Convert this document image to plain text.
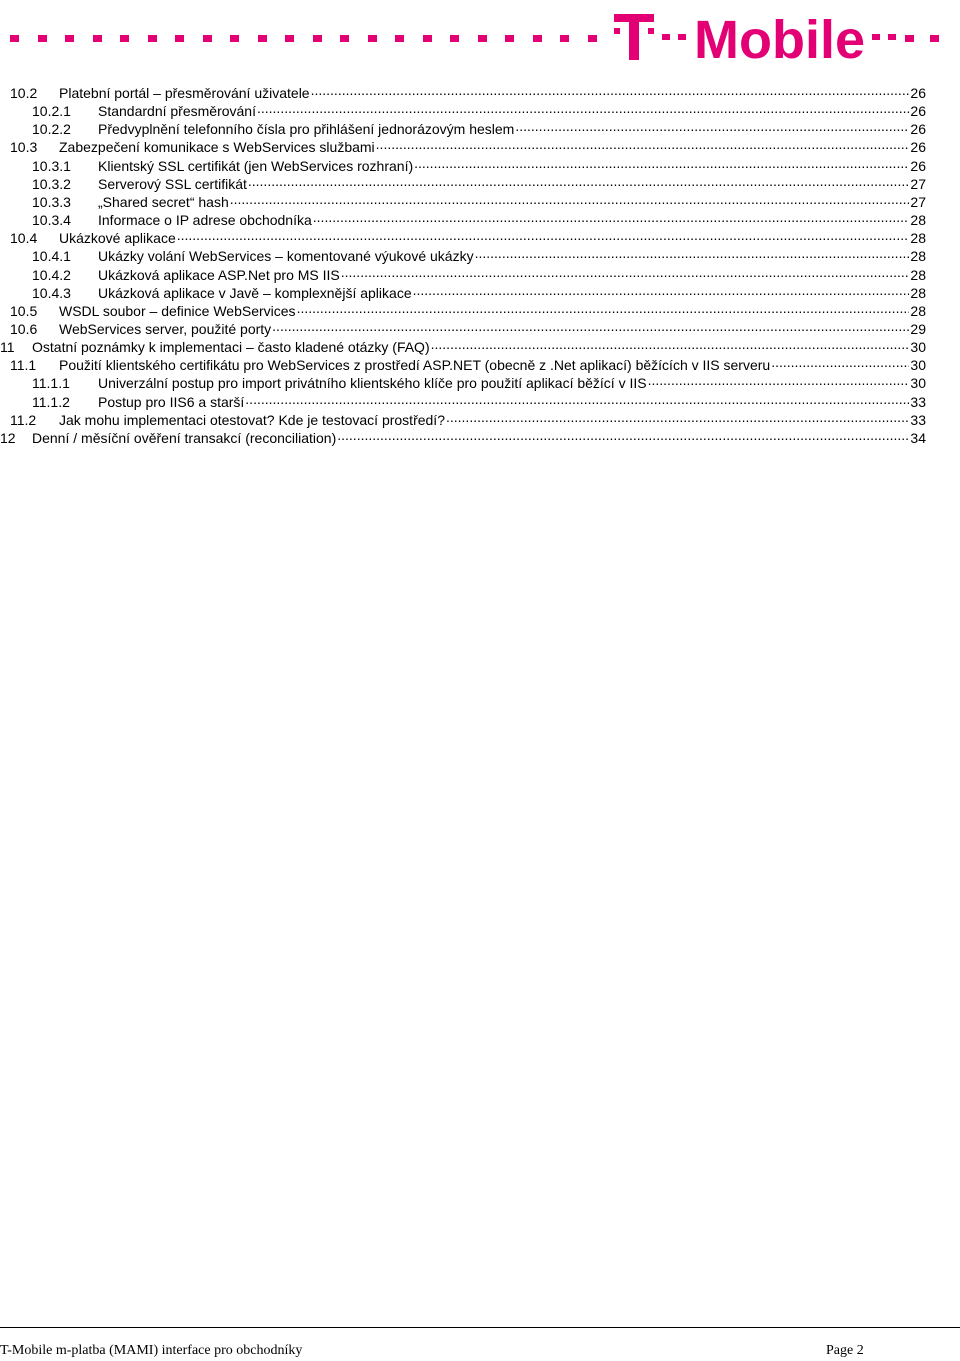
Mobile
10.2	Platební portál – přesměrování uživatele .....	26
10.2.1	Standardní přesměrování .....	26
10.2.2	Předvyplnění telefonního čísla pro přihlášení jednorázovým heslem .....	26
10.3	Zabezpečení komunikace s WebServices službami .....	26
10.3.1	Klientský SSL certifikát (jen WebServices rozhraní) .....	26
10.3.2	Serverový SSL certifikát .....	27
10.3.3	„Shared secret“ hash .....	27
10.3.4	Informace o IP adrese obchodníka .....	28
10.4	Ukázkové aplikace .....	28
10.4.1	Ukázky volání WebServices – komentované výukové ukázky .....	28
10.4.2	Ukázková aplikace ASP.Net pro MS IIS .....	28
10.4.3	Ukázková aplikace v Javě – komplexnější aplikace .....	28
10.5	WSDL soubor – definice WebServices .....	28
10.6	WebServices server, použité porty .....	29
11	Ostatní poznámky k implementaci – často kladené otázky (FAQ) .....	30
11.1	Použití klientského certifikátu pro WebServices z prostředí ASP.NET (obecně z .Net aplikací) běžících v IIS serveru .....	30
11.1.1	Univerzální postup pro import privátního klientského klíče pro použití aplikací běžící v IIS .....	30
11.1.2	Postup pro IIS6 a starší .....	33
11.2	Jak mohu implementaci otestovat? Kde je testovací prostředí? .....	33
12	Denní / měsíční ověření transakcí (reconciliation) .....	34
T-Mobile m-platba (MAMI) interface pro obchodníky	Page 2
